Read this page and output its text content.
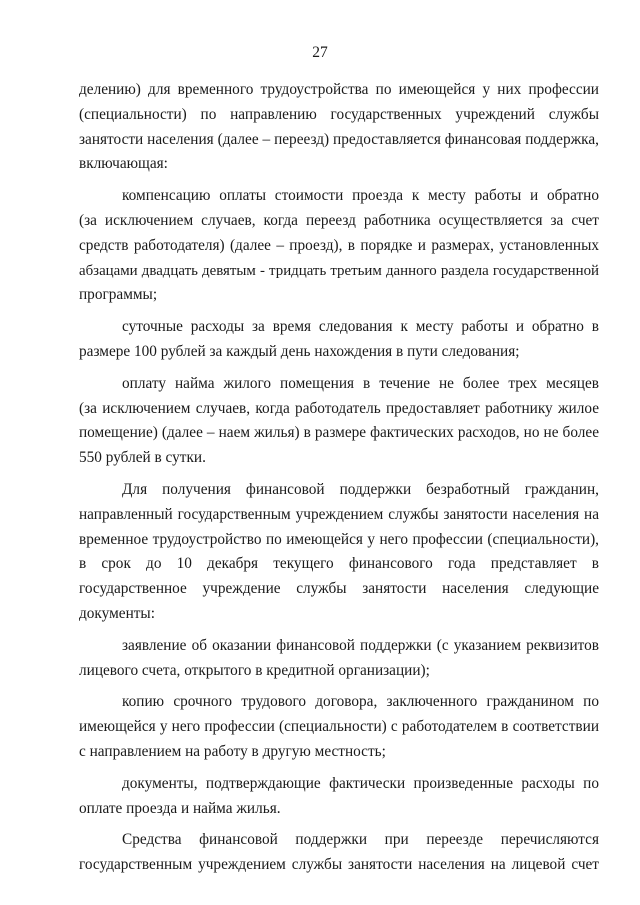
27
делению) для временного трудоустройства по имеющейся у них профессии
(специальности) по направлению государственных учреждений службы
занятости населения (далее – переезд) предоставляется финансовая поддержка,
включающая:
компенсацию оплаты стоимости проезда к месту работы и обратно
(за исключением случаев, когда переезд работника осуществляется за счет
средств работодателя) (далее – проезд), в порядке и размерах, установленных
абзацами двадцать девятым - тридцать третьим данного раздела государственной
программы;
суточные расходы за время следования к месту работы и обратно в
размере 100 рублей за каждый день нахождения в пути следования;
оплату найма жилого помещения в течение не более трех месяцев
(за исключением случаев, когда работодатель предоставляет работнику жилое
помещение) (далее – наем жилья) в размере фактических расходов, но не более
550 рублей в сутки.
Для получения финансовой поддержки безработный гражданин,
направленный государственным учреждением службы занятости населения на
временное трудоустройство по имеющейся у него профессии (специальности),
в срок до 10 декабря текущего финансового года представляет в
государственное учреждение службы занятости населения следующие
документы:
заявление об оказании финансовой поддержки (с указанием реквизитов
лицевого счета, открытого в кредитной организации);
копию срочного трудового договора, заключенного гражданином по
имеющейся у него профессии (специальности) с работодателем в соответствии
с направлением на работу в другую местность;
документы, подтверждающие фактически произведенные расходы по
оплате проезда и найма жилья.
Средства финансовой поддержки при переезде перечисляются
государственным учреждением службы занятости населения на лицевой счет
